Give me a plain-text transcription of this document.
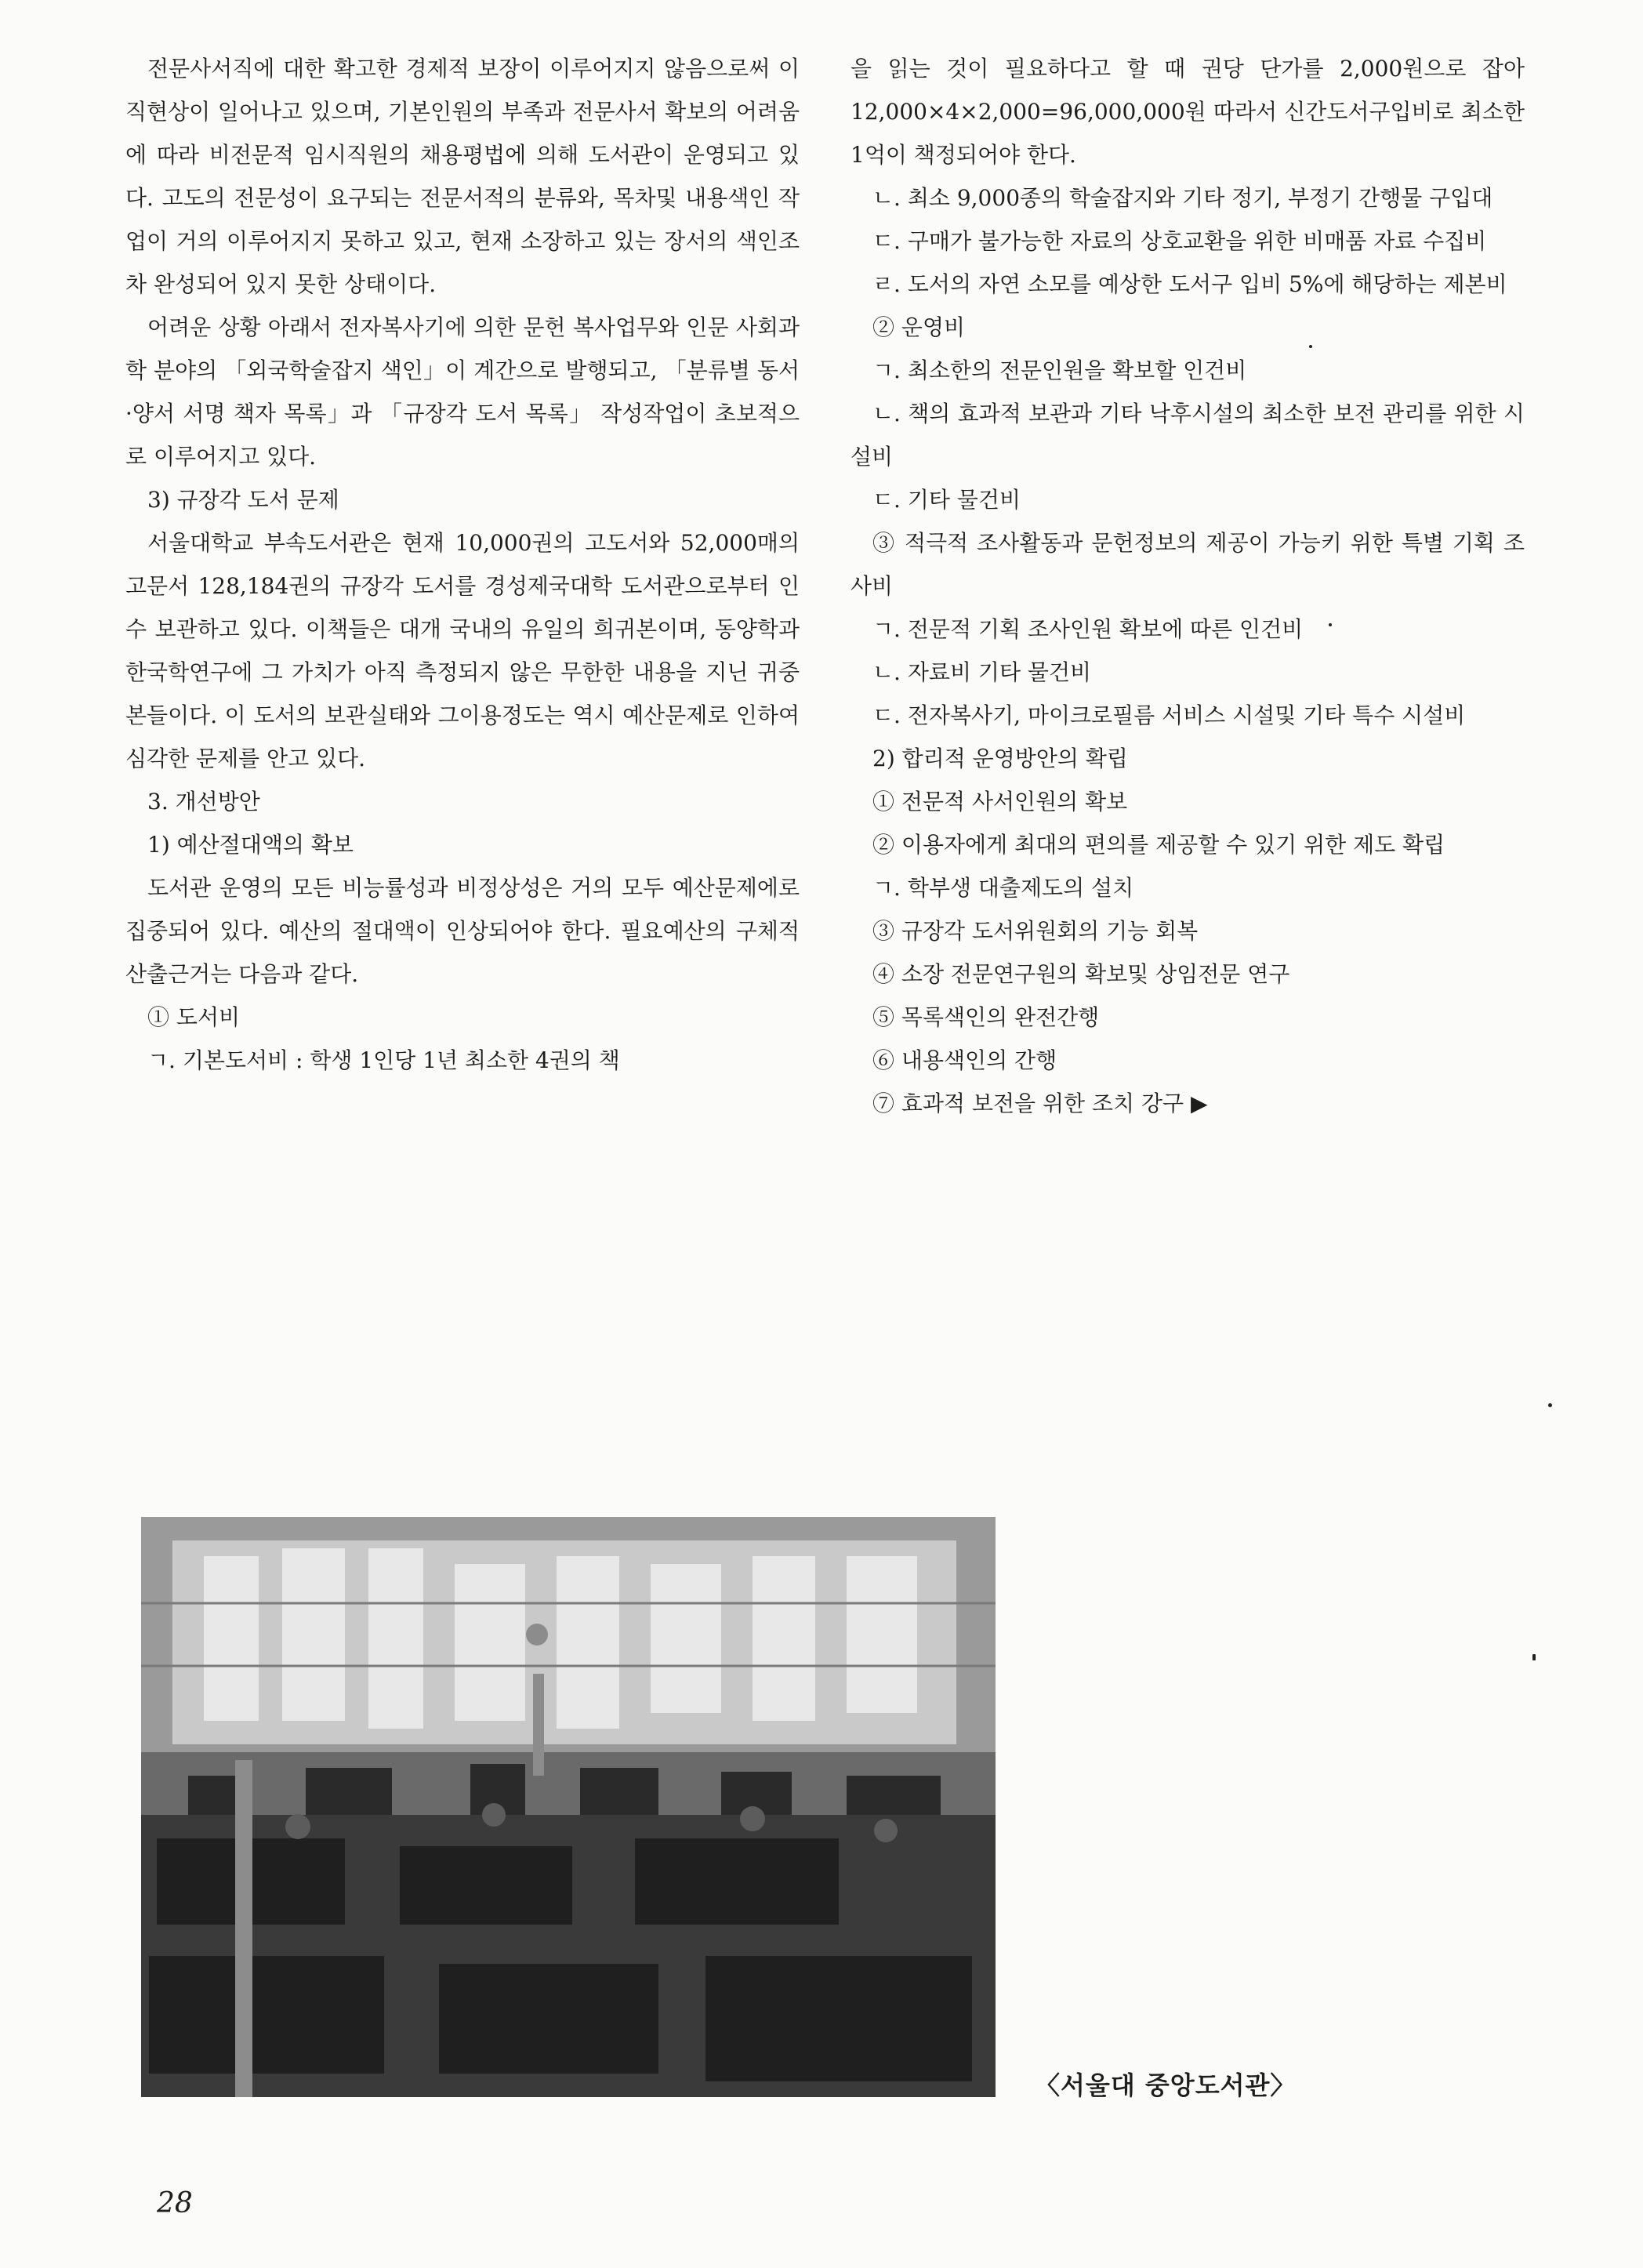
전문사서직에 대한 확고한 경제적 보장이 이루어지지 않음으로써 이직현상이 일어나고 있으며, 기본인원의 부족과 전문사서 확보의 어려움에 따라 비전문적 임시직원의 채용평법에 의해 도서관이 운영되고 있다. 고도의 전문성이 요구되는 전문서적의 분류와, 목차및 내용색인 작업이 거의 이루어지지 못하고 있고, 현재 소장하고 있는 장서의 색인조차 완성되어 있지 못한 상태이다.

어려운 상황 아래서 전자복사기에 의한 문헌 복사업무와 인문 사회과학 분야의 「외국학술잡지 색인」이 계간으로 발행되고, 「분류별 동서·양서 서명 책자 목록」과 「규장각 도서 목록」 작성작업이 초보적으로 이루어지고 있다.

3) 규장각 도서 문제

서울대학교 부속도서관은 현재 10,000권의 고도서와 52,000매의 고문서 128,184권의 규장각 도서를 경성제국대학 도서관으로부터 인수 보관하고 있다. 이책들은 대개 국내의 유일의 희귀본이며, 동양학과 한국학연구에 그 가치가 아직 측정되지 않은 무한한 내용을 지닌 귀중본들이다. 이 도서의 보관실태와 그이용정도는 역시 예산문제로 인하여 심각한 문제를 안고 있다.

3. 개선방안

1) 예산절대액의 확보

도서관 운영의 모든 비능률성과 비정상성은 거의 모두 예산문제에로 집중되어 있다. 예산의 절대액이 인상되어야 한다. 필요예산의 구체적 산출근거는 다음과 같다.

① 도서비

ㄱ. 기본도서비 : 학생 1인당 1년 최소한 4권의 책

을 읽는 것이 필요하다고 할 때 권당 단가를 2,000원으로 잡아 12,000×4×2,000=96,000,000원 따라서 신간도서구입비로 최소한 1억이 책정되어야 한다.

ㄴ. 최소 9,000종의 학술잡지와 기타 정기, 부정기 간행물 구입대

ㄷ. 구매가 불가능한 자료의 상호교환을 위한 비매품 자료 수집비

ㄹ. 도서의 자연 소모를 예상한 도서구 입비 5%에 해당하는 제본비

② 운영비

ㄱ. 최소한의 전문인원을 확보할 인건비

ㄴ. 책의 효과적 보관과 기타 낙후시설의 최소한 보전 관리를 위한 시설비

ㄷ. 기타 물건비

③ 적극적 조사활동과 문헌정보의 제공이 가능키 위한 특별 기획 조사비

ㄱ. 전문적 기획 조사인원 확보에 따른 인건비

ㄴ. 자료비 기타 물건비

ㄷ. 전자복사기, 마이크로필름 서비스 시설및 기타 특수 시설비

2) 합리적 운영방안의 확립

① 전문적 사서인원의 확보

② 이용자에게 최대의 편의를 제공할 수 있기 위한 제도 확립

ㄱ. 학부생 대출제도의 설치

③ 규장각 도서위원회의 기능 회복

④ 소장 전문연구원의 확보및 상임전문 연구

⑤ 목록색인의 완전간행

⑥ 내용색인의 간행

⑦ 효과적 보전을 위한 조치 강구 ▶

〈서울대 중앙도서관〉
28
